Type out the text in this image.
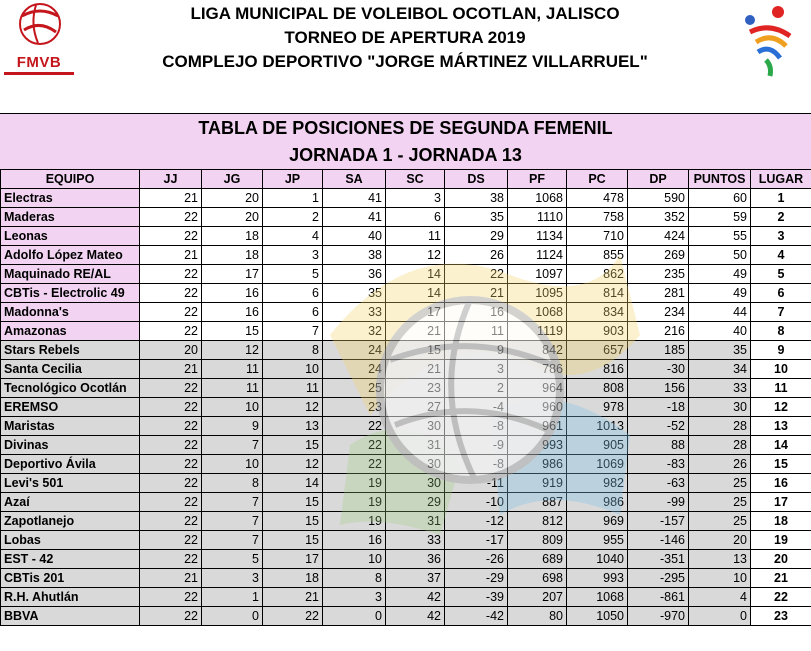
FMVB
LIGA MUNICIPAL DE VOLEIBOL OCOTLAN, JALISCO
TORNEO DE APERTURA 2019
COMPLEJO DEPORTIVO "JORGE MÁRTINEZ VILLARRUEL"
TABLA DE POSICIONES DE SEGUNDA FEMENIL
JORNADA 1 - JORNADA 13
EQUIPO	JJ	JG	JP	SA	SC	DS	PF	PC	DP	PUNTOS	LUGAR
Electras	21	20	1	41	3	38	1068	478	590	60	1
Maderas	22	20	2	41	6	35	1110	758	352	59	2
Leonas	22	18	4	40	11	29	1134	710	424	55	3
Adolfo López Mateo	21	18	3	38	12	26	1124	855	269	50	4
Maquinado RE/AL	22	17	5	36	14	22	1097	862	235	49	5
CBTis - Electrolic 49	22	16	6	35	14	21	1095	814	281	49	6
Madonna's	22	16	6	33	17	16	1068	834	234	44	7
Amazonas	22	15	7	32	21	11	1119	903	216	40	8
Stars Rebels	20	12	8	24	15	9	842	657	185	35	9
Santa Cecilia	21	11	10	24	21	3	786	816	-30	34	10
Tecnológico Ocotlán	22	11	11	25	23	2	964	808	156	33	11
EREMSO	22	10	12	23	27	-4	960	978	-18	30	12
Maristas	22	9	13	22	30	-8	961	1013	-52	28	13
Divinas	22	7	15	22	31	-9	993	905	88	28	14
Deportivo Ávila	22	10	12	22	30	-8	986	1069	-83	26	15
Levi's 501	22	8	14	19	30	-11	919	982	-63	25	16
Azaí	22	7	15	19	29	-10	887	986	-99	25	17
Zapotlanejo	22	7	15	19	31	-12	812	969	-157	25	18
Lobas	22	7	15	16	33	-17	809	955	-146	20	19
EST - 42	22	5	17	10	36	-26	689	1040	-351	13	20
CBTis 201	21	3	18	8	37	-29	698	993	-295	10	21
R.H. Ahutlán	22	1	21	3	42	-39	207	1068	-861	4	22
BBVA	22	0	22	0	42	-42	80	1050	-970	0	23
